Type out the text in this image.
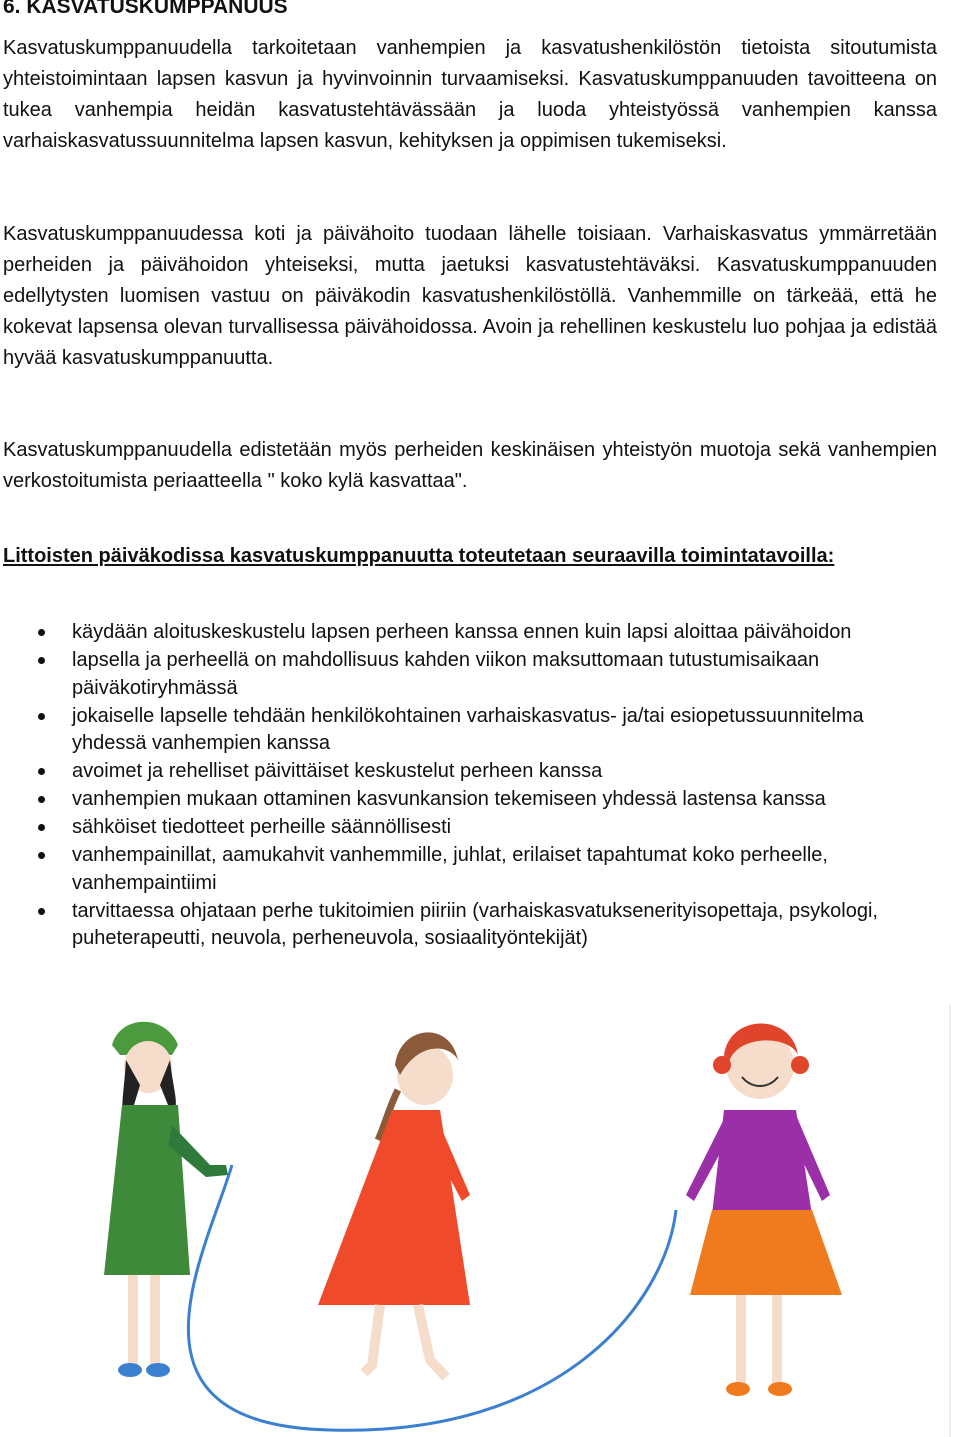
6. KASVATUSKUMPPANUUS

Kasvatuskumppanuudella tarkoitetaan vanhempien ja kasvatushenkilöstön tietoista sitoutumista yhteistoimintaan lapsen kasvun ja hyvinvoinnin turvaamiseksi. Kasvatuskumppanuuden tavoitteena on tukea vanhempia heidän kasvatustehtävässään ja luoda yhteistyössä vanhempien kanssa varhaiskasvatussuunnitelma lapsen kasvun, kehityksen ja oppimisen tukemiseksi.

Kasvatuskumppanuudessa koti ja päivähoito tuodaan lähelle toisiaan. Varhaiskasvatus ymmärretään perheiden ja päivähoidon yhteiseksi, mutta jaetuksi kasvatustehtäväksi. Kasvatuskumppanuuden edellytysten luomisen vastuu on päiväkodin kasvatushenkilöstöllä. Vanhemmille on tärkeää, että he kokevat lapsensa olevan turvallisessa päivähoidossa. Avoin ja rehellinen keskustelu luo pohjaa ja edistää hyvää kasvatuskumppanuutta.

Kasvatuskumppanuudella edistetään myös perheiden keskinäisen yhteistyön muotoja sekä vanhempien verkostoitumista periaatteella " koko kylä kasvattaa".

Littoisten päiväkodissa kasvatuskumppanuutta toteutetaan seuraavilla toimintatavoilla:

käydään aloituskeskustelu lapsen perheen kanssa ennen kuin lapsi aloittaa päivähoidon
lapsella ja perheellä on mahdollisuus kahden viikon maksuttomaan tutustumisaikaan päiväkotiryhmässä
jokaiselle lapselle tehdään henkilökohtainen varhaiskasvatus- ja/tai esiopetussuunnitelma yhdessä vanhempien kanssa
avoimet ja rehelliset päivittäiset keskustelut perheen kanssa
vanhempien mukaan ottaminen kasvunkansion tekemiseen yhdessä lastensa kanssa
sähköiset tiedotteet perheille säännöllisesti
vanhempainillat, aamukahvit vanhemmille, juhlat, erilaiset tapahtumat koko perheelle, vanhempaintiimi
tarvittaessa ohjataan perhe tukitoimien piiriin (varhaiskasvatuksenerityisopettaja, psykologi, puheterapeutti, neuvola, perheneuvola, sosiaalityöntekijät)
